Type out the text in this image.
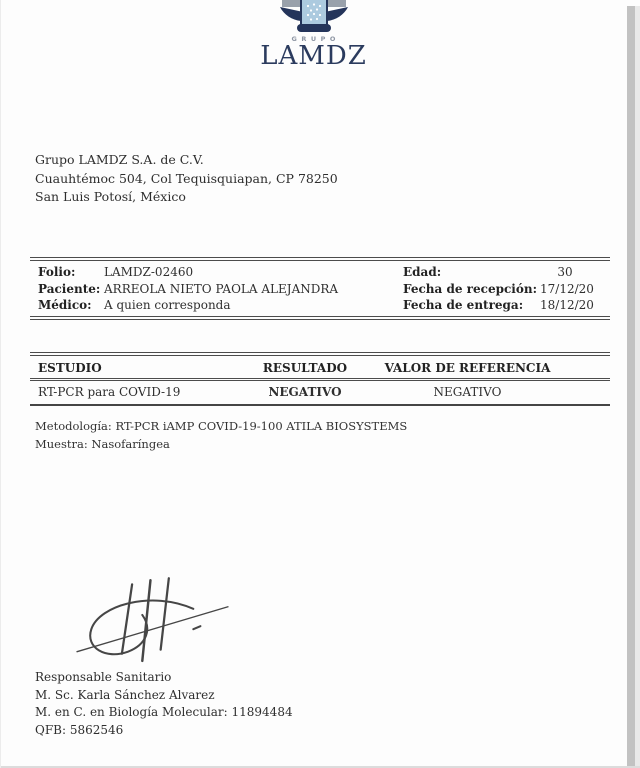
GRUPO
LAMDZ
Grupo LAMDZ S.A. de C.V.
Cuauhtémoc 504, Col Tequisquiapan, CP 78250
San Luis Potosí, México
Folio:	LAMDZ-02460
Paciente: ARREOLA NIETO PAOLA ALEJANDRA
Médico:	A quien corresponda
Edad:	30
Fecha de recepción: 17/12/20
Fecha de entrega:	18/12/20
ESTUDIO	RESULTADO	VALOR DE REFERENCIA
RT-PCR para COVID-19	NEGATIVO	NEGATIVO
Metodología: RT-PCR iAMP COVID-19-100 ATILA BIOSYSTEMS
Muestra: Nasofaríngea
Responsable Sanitario
M. Sc. Karla Sánchez Alvarez
M. en C. en Biología Molecular: 11894484
QFB: 5862546
